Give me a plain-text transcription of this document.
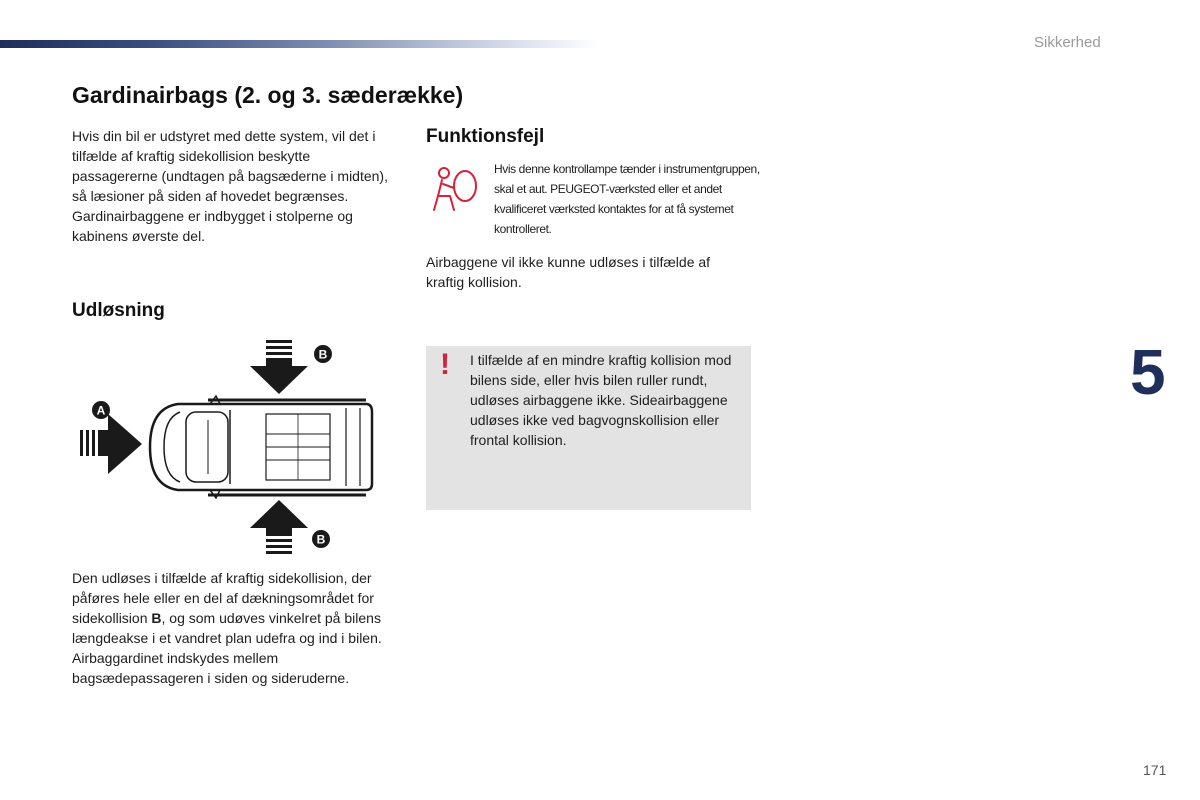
Sikkerhed
Gardinairbags (2. og 3. sæderække)

Hvis din bil er udstyret med dette system, vil det i tilfælde af kraftig sidekollision beskytte passagererne (undtagen på bagsæderne i midten), så læsioner på siden af hovedet begrænses.

Gardinairbaggene er indbygget i stolperne og kabinens øverste del.

Udløsning
B
A
B

Den udløses i tilfælde af kraftig sidekollision, der påføres hele eller en del af dækningsområdet for sidekollision B, og som udøves vinkelret på bilens længdeakse i et vandret plan udefra og ind i bilen.

Airbaggardinet indskydes mellem bagsædepassageren i siden og sideruderne.

Funktionsfejl
Hvis denne kontrollampe tænder i instrumentgruppen, skal et aut. PEUGEOT-værksted eller et andet kvalificeret værksted kontaktes for at få systemet kontrolleret.
Airbaggene vil ikke kunne udløses i tilfælde af kraftig kollision.
! I tilfælde af en mindre kraftig kollision mod bilens side, eller hvis bilen ruller rundt, udløses airbaggene ikke. Sideairbaggene udløses ikke ved bagvognskollision eller frontal kollision.
5
171
